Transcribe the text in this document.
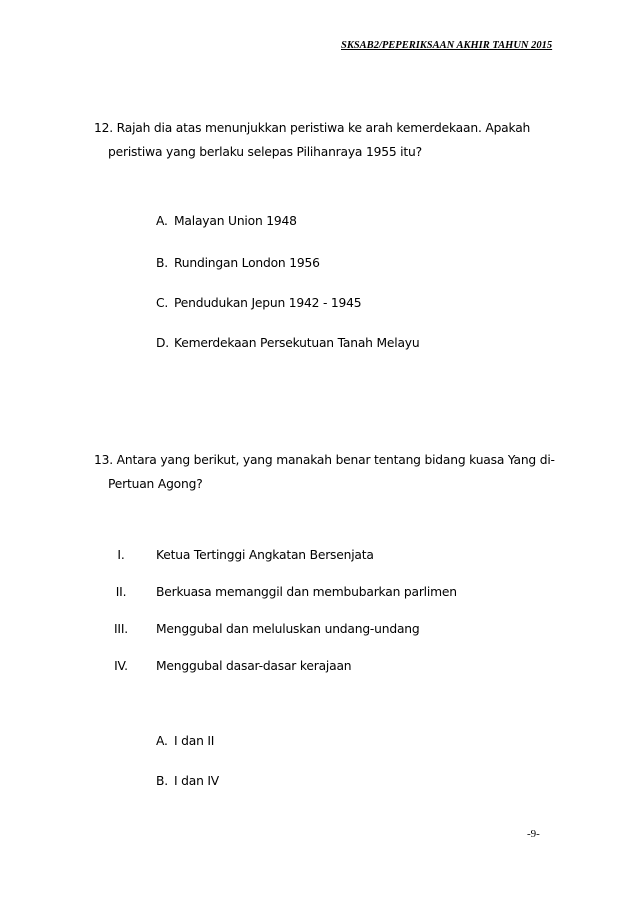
SKSAB2/PEPERIKSAAN AKHIR TAHUN 2015
12. Rajah dia atas menunjukkan peristiwa ke arah kemerdekaan. Apakah
peristiwa yang berlaku selepas Pilihanraya 1955 itu?
A. Malayan Union 1948
B. Rundingan London 1956
C. Pendudukan Jepun 1942 - 1945
D. Kemerdekaan Persekutuan Tanah Melayu
13. Antara yang berikut, yang manakah benar tentang bidang kuasa Yang di-
Pertuan Agong?
I.	Ketua Tertinggi Angkatan Bersenjata
II.	Berkuasa memanggil dan membubarkan parlimen
III.	Menggubal dan meluluskan undang-undang
IV.	Menggubal dasar-dasar kerajaan
A. I dan II
B. I dan IV
-9-
